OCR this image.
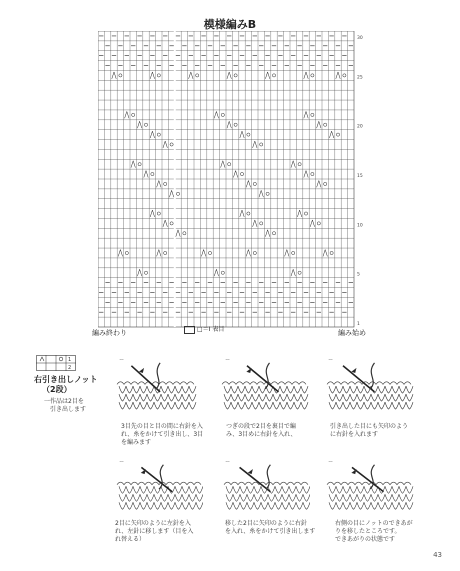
模様編みB
30
25
20
15
10
5
1
編み終わり	□＝Ⅰ 表目	編み始め
1
2
右引き出しノット
（2段）
一作品は2目を
引き出します
3目先の目と目の間に右針を入
れ、糸をかけて引き出し、3目
を編みます
つぎの段で2目を裏目で編
み、3目めに右針を入れ、
引き出した目にも矢印のよう
に右針を入れます
2目に矢印のように左針を入
れ、左針に移します（目を入
れ替える）
移した2目に矢印のように右針
を入れ、糸をかけて引き出します
右側の目にノットのできあが
りを移したところです。
できあがりの状態です
43
